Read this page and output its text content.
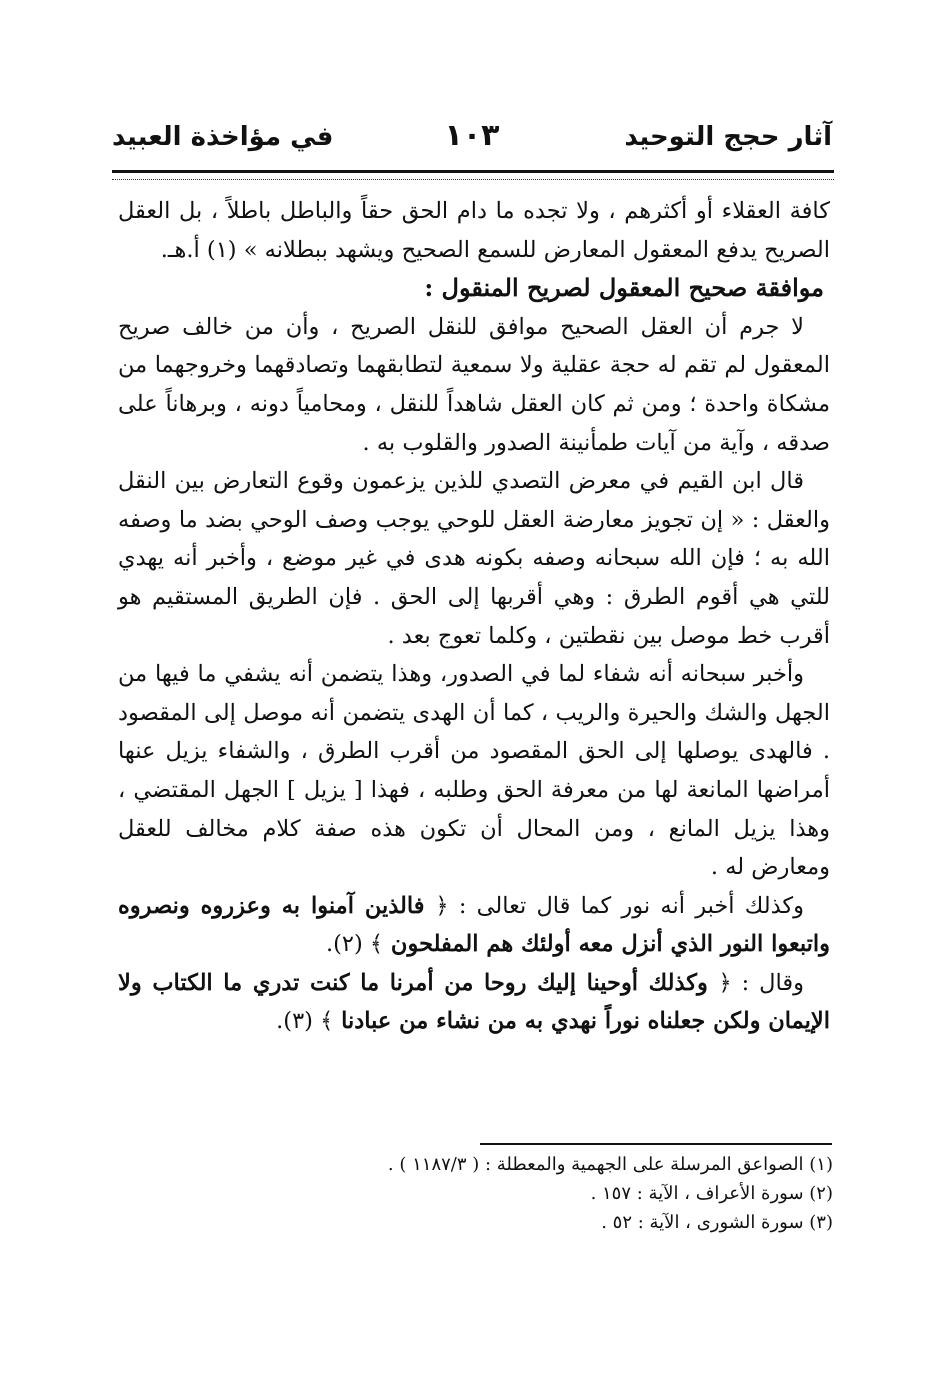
آثار حجج التوحيد
١٠٣
في مؤاخذة العبيد

كافة العقلاء أو أكثرهم ، ولا تجده ما دام الحق حقاً والباطل باطلاً ، بل العقل الصريح يدفع المعقول المعارض للسمع الصحيح ويشهد ببطلانه » (١) أ.هـ.

موافقة صحيح المعقول لصريح المنقول :

لا جرم أن العقل الصحيح موافق للنقل الصريح ، وأن من خالف صريح المعقول لم تقم له حجة عقلية ولا سمعية لتطابقهما وتصادقهما وخروجهما من مشكاة واحدة ؛ ومن ثم كان العقل شاهداً للنقل ، ومحامياً دونه ، وبرهاناً على صدقه ، وآية من آيات طمأنينة الصدور والقلوب به .

قال ابن القيم في معرض التصدي للذين يزعمون وقوع التعارض بين النقل والعقل : « إن تجويز معارضة العقل للوحي يوجب وصف الوحي بضد ما وصفه الله به ؛ فإن الله سبحانه وصفه بكونه هدى في غير موضع ، وأخبر أنه يهدي للتي هي أقوم الطرق : وهي أقربها إلى الحق . فإن الطريق المستقيم هو أقرب خط موصل بين نقطتين ، وكلما تعوج بعد .

وأخبر سبحانه أنه شفاء لما في الصدور، وهذا يتضمن أنه يشفي ما فيها من الجهل والشك والحيرة والريب ، كما أن الهدى يتضمن أنه موصل إلى المقصود . فالهدى يوصلها إلى الحق المقصود من أقرب الطرق ، والشفاء يزيل عنها أمراضها المانعة لها من معرفة الحق وطلبه ، فهذا [ يزيل ] الجهل المقتضي ، وهذا يزيل المانع ، ومن المحال أن تكون هذه صفة كلام مخالف للعقل ومعارض له .

وكذلك أخبر أنه نور كما قال تعالى : ﴿ فالذين آمنوا به وعزروه ونصروه واتبعوا النور الذي أنزل معه أولئك هم المفلحون ﴾ (٢).

وقال : ﴿ وكذلك أوحينا إليك روحا من أمرنا ما كنت تدري ما الكتاب ولا الإيمان ولكن جعلناه نوراً نهدي به من نشاء من عبادنا ﴾ (٣).

(١) الصواعق المرسلة على الجهمية والمعطلة : ( ١١٨٧/٣ ) .
(٢) سورة الأعراف ، الآية : ١٥٧ .
(٣) سورة الشورى ، الآية : ٥٢ .
